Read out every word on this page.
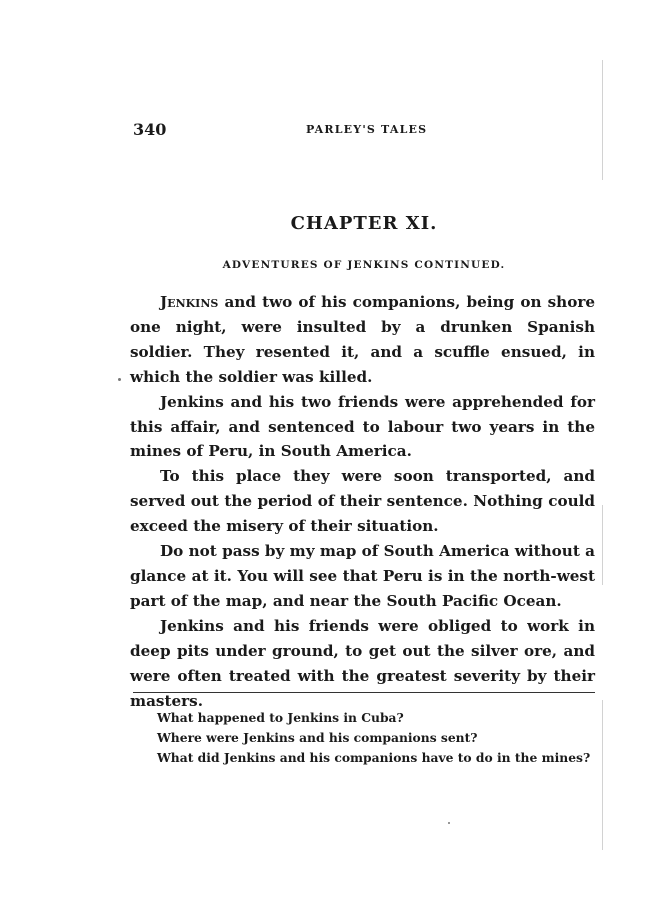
340	PARLEY'S TALES
CHAPTER XI.
ADVENTURES OF JENKINS CONTINUED.

Jenkins and two of his companions, being on shore one night, were insulted by a drunken Spanish soldier. They resented it, and a scuffle ensued, in which the soldier was killed.

Jenkins and his two friends were apprehended for this affair, and sentenced to labour two years in the mines of Peru, in South America.

To this place they were soon transported, and served out the period of their sentence. Nothing could exceed the misery of their situation.

Do not pass by my map of South America without a glance at it. You will see that Peru is in the north-west part of the map, and near the South Pacific Ocean.

Jenkins and his friends were obliged to work in deep pits under ground, to get out the silver ore, and were often treated with the greatest severity by their masters.

What happened to Jenkins in Cuba?
Where were Jenkins and his companions sent?
What did Jenkins and his companions have to do in the mines?
